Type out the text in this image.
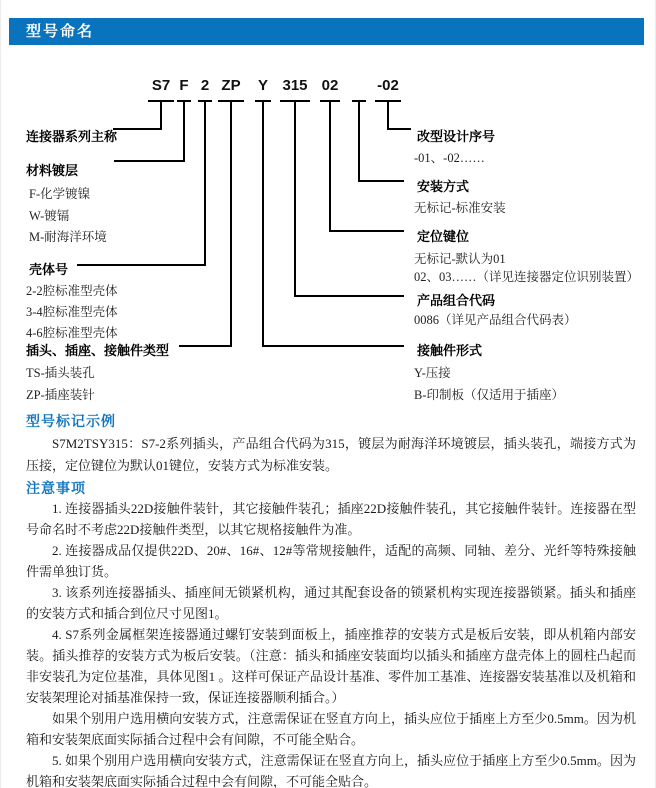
型号命名
S7 F 2 ZP Y 315 02	-02
连接器系列主称
材料镀层
F-化学镀镍
W-镀镉
M-耐海洋环境
壳体号
2-2腔标准型壳体
3-4腔标准型壳体
4-6腔标准型壳体
插头、插座、接触件类型
TS-插头装孔
ZP-插座装针
改型设计序号
-01、-02……
安装方式
无标记-标准安装
定位键位
无标记-默认为01
02、03……（详见连接器定位识别装置）
产品组合代码
0086（详见产品组合代码表）
接触件形式
Y-压接
B-印制板（仅适用于插座）
型号标记示例
S7M2TSY315：S7-2系列插头，产品组合代码为315，镀层为耐海洋环境镀层，插头装孔，端接方式为压接，定位键位为默认01键位，安装方式为标准安装。
注意事项

1. 连接器插头22D接触件装针，其它接触件装孔；插座22D接触件装孔，其它接触件装针。连接器在型号命名时不考虑22D接触件类型，以其它规格接触件为准。

2. 连接器成品仅提供22D、20#、16#、12#等常规接触件，适配的高频、同轴、差分、光纤等特殊接触件需单独订货。

3. 该系列连接器插头、插座间无锁紧机构，通过其配套设备的锁紧机构实现连接器锁紧。插头和插座的安装方式和插合到位尺寸见图1。

4. S7系列金属框架连接器通过螺钉安装到面板上，插座推荐的安装方式是板后安装，即从机箱内部安装。插头推荐的安装方式为板后安装。（注意：插头和插座安装面均以插头和插座方盘壳体上的圆柱凸起而非安装孔为定位基准，具体见图1 。这样可保证产品设计基准、零件加工基准、连接器安装基准以及机箱和安装架理论对插基准保持一致，保证连接器顺利插合。）

如果个别用户选用横向安装方式，注意需保证在竖直方向上，插头应位于插座上方至少0.5mm。因为机箱和安装架底面实际插合过程中会有间隙，不可能全贴合。

5. 如果个别用户选用横向安装方式，注意需保证在竖直方向上，插头应位于插座上方至少0.5mm。因为机箱和安装架底面实际插合过程中会有间隙，不可能全贴合。
